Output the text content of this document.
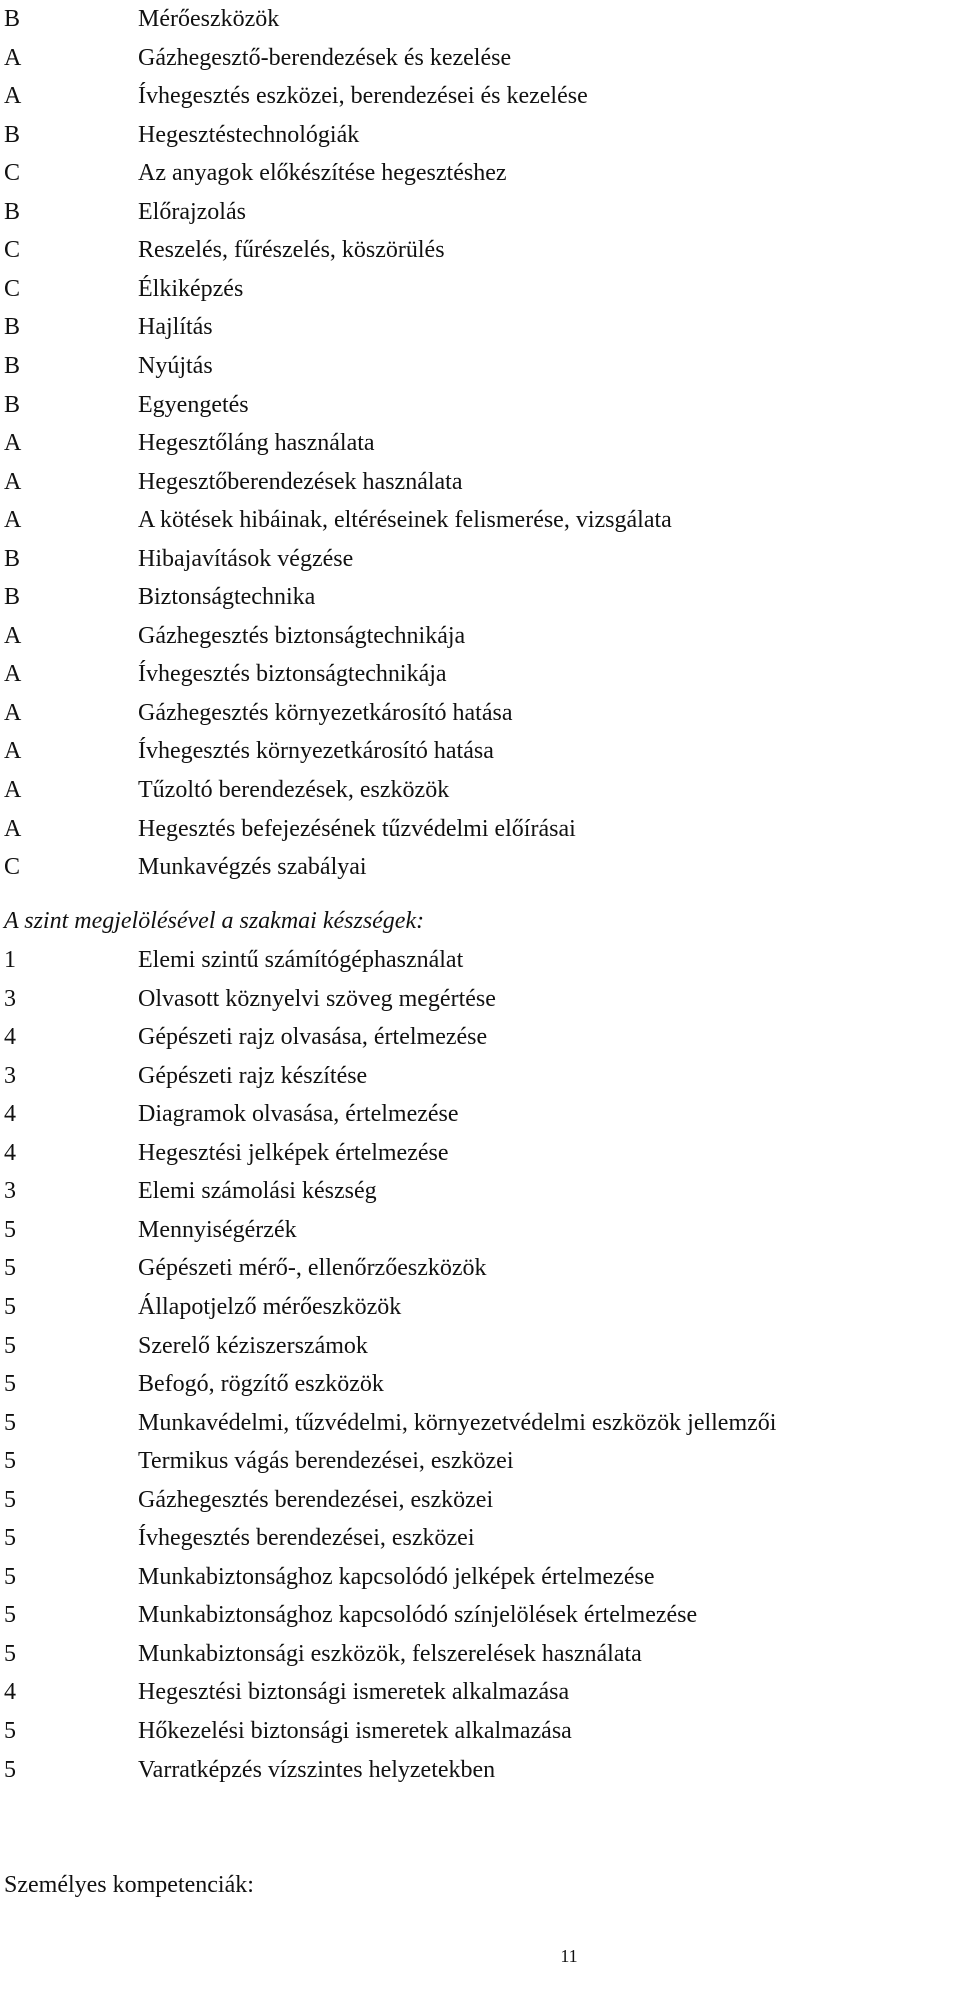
B	Mérőeszközök
A	Gázhegesztő-berendezések és kezelése
A	Ívhegesztés eszközei, berendezései és kezelése
B	Hegesztéstechnológiák
C	Az anyagok előkészítése hegesztéshez
B	Előrajzolás
C	Reszelés, fűrészelés, köszörülés
C	Élkiképzés
B	Hajlítás
B	Nyújtás
B	Egyengetés
A	Hegesztőláng használata
A	Hegesztőberendezések használata
A	A kötések hibáinak, eltéréseinek felismerése, vizsgálata
B	Hibajavítások végzése
B	Biztonságtechnika
A	Gázhegesztés biztonságtechnikája
A	Ívhegesztés biztonságtechnikája
A	Gázhegesztés környezetkárosító hatása
A	Ívhegesztés környezetkárosító hatása
A	Tűzoltó berendezések, eszközök
A	Hegesztés befejezésének tűzvédelmi előírásai
C	Munkavégzés szabályai
A szint megjelölésével a szakmai készségek:
1	Elemi szintű számítógéphasználat
3	Olvasott köznyelvi szöveg megértése
4	Gépészeti rajz olvasása, értelmezése
3	Gépészeti rajz készítése
4	Diagramok olvasása, értelmezése
4	Hegesztési jelképek értelmezése
3	Elemi számolási készség
5	Mennyiségérzék
5	Gépészeti mérő-, ellenőrzőeszközök
5	Állapotjelző mérőeszközök
5	Szerelő kéziszerszámok
5	Befogó, rögzítő eszközök
5	Munkavédelmi, tűzvédelmi, környezetvédelmi eszközök jellemzői
5	Termikus vágás berendezései, eszközei
5	Gázhegesztés berendezései, eszközei
5	Ívhegesztés berendezései, eszközei
5	Munkabiztonsághoz kapcsolódó jelképek értelmezése
5	Munkabiztonsághoz kapcsolódó színjelölések értelmezése
5	Munkabiztonsági eszközök, felszerelések használata
4	Hegesztési biztonsági ismeretek alkalmazása
5	Hőkezelési biztonsági ismeretek alkalmazása
5	Varratképzés vízszintes helyzetekben
Személyes kompetenciák:
11
